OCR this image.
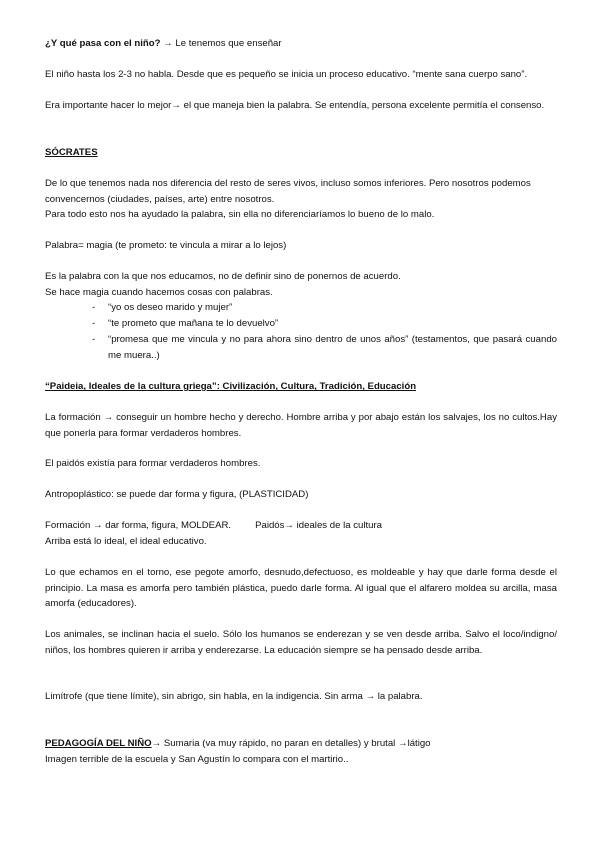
¿Y qué pasa con el niño? → Le tenemos que enseñar

El niño hasta los 2-3 no habla. Desde que es pequeño se inicia un proceso educativo. “mente sana cuerpo sano”.

Era importante hacer lo mejor→ el que maneja bien la palabra. Se entendía, persona excelente permitía el consenso.

SÓCRATES

De lo que tenemos nada nos diferencia del resto de seres vivos, incluso somos inferiores. Pero nosotros podemos convencernos (ciudades, países, arte) entre nosotros.

Para todo esto nos ha ayudado la palabra, sin ella no diferenciaríamos lo bueno de lo malo.

Palabra= magia (te prometo: te vincula a mirar a lo lejos)

Es la palabra con la que nos educamos, no de definir sino de ponernos de acuerdo.

Se hace magia cuando hacemos cosas con palabras.

-	“yo os deseo marido y mujer”
-	“te prometo que mañana te lo devuelvo”
-	“promesa que me vincula y no para ahora sino dentro de unos años” (testamentos, que pasará cuando me muera..)

“Paideia, Ideales de la cultura griega”: Civilización, Cultura, Tradición, Educación

La formación → conseguir un hombre hecho y derecho. Hombre arriba y por abajo están los salvajes, los no cultos.Hay que ponerla para formar verdaderos hombres.

El paidós existía para formar verdaderos hombres.

Antropoplástico: se puede dar forma y figura, (PLASTICIDAD)

Formación → dar forma, figura, MOLDEAR.	Paidós→ ideales de la cultura

Arriba está lo ideal, el ideal educativo.

Lo que echamos en el torno, ese pegote amorfo, desnudo,defectuoso, es moldeable y hay que darle forma desde el principio. La masa es amorfa pero también plástica, puedo darle forma. Al igual que el alfarero moldea su arcilla, masa amorfa (educadores).

Los animales, se inclinan hacia el suelo. Sólo los humanos se enderezan y se ven desde arriba. Salvo el loco/indigno/ niños, los hombres quieren ir arriba y enderezarse. La educación siempre se ha pensado desde arriba.

Limítrofe (que tiene límite), sin abrigo, sin habla, en la indigencia. Sin arma → la palabra.

PEDAGOGÍA DEL NIÑO→ Sumaria (va muy rápido, no paran en detalles) y brutal →látigo

Imagen terrible de la escuela y San Agustín lo compara con el martirio..
